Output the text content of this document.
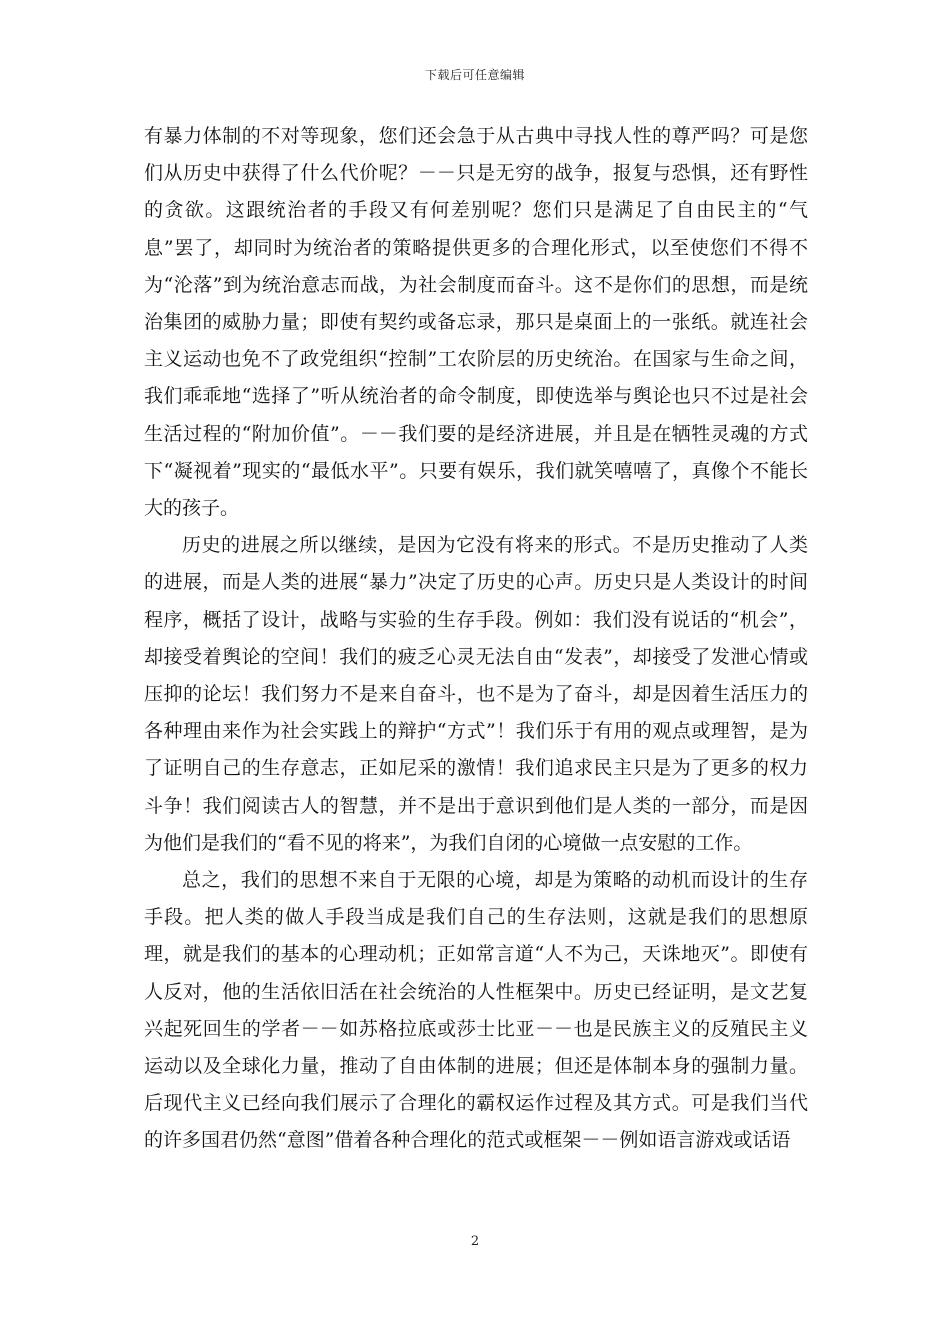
下载后可任意编辑

有暴力体制的不对等现象，您们还会急于从古典中寻找人性的尊严吗？可是您们从历史中获得了什么代价呢？－－只是无穷的战争，报复与恐惧，还有野性的贪欲。这跟统治者的手段又有何差别呢？您们只是满足了自由民主的“气息”罢了，却同时为统治者的策略提供更多的合理化形式，以至使您们不得不为“沦落”到为统治意志而战，为社会制度而奋斗。这不是你们的思想，而是统治集团的威胁力量；即使有契约或备忘录，那只是桌面上的一张纸。就连社会主义运动也免不了政党组织“控制”工农阶层的历史统治。在国家与生命之间，我们乖乖地“选择了”听从统治者的命令制度，即使选举与舆论也只不过是社会生活过程的“附加价值”。－－我们要的是经济进展，并且是在牺牲灵魂的方式下“凝视着”现实的“最低水平”。只要有娱乐，我们就笑嘻嘻了，真像个不能长大的孩子。

历史的进展之所以继续，是因为它没有将来的形式。不是历史推动了人类的进展，而是人类的进展“暴力”决定了历史的心声。历史只是人类设计的时间程序，概括了设计，战略与实验的生存手段。例如：我们没有说话的“机会”，却接受着舆论的空间！我们的疲乏心灵无法自由“发表”，却接受了发泄心情或压抑的论坛！我们努力不是来自奋斗，也不是为了奋斗，却是因着生活压力的各种理由来作为社会实践上的辩护“方式”！我们乐于有用的观点或理智，是为了证明自己的生存意志，正如尼采的激情！我们追求民主只是为了更多的权力斗争！我们阅读古人的智慧，并不是出于意识到他们是人类的一部分，而是因为他们是我们的“看不见的将来”，为我们自闭的心境做一点安慰的工作。

总之，我们的思想不来自于无限的心境，却是为策略的动机而设计的生存手段。把人类的做人手段当成是我们自己的生存法则，这就是我们的思想原理，就是我们的基本的心理动机；正如常言道“人不为己，天诛地灭”。即使有人反对，他的生活依旧活在社会统治的人性框架中。历史已经证明，是文艺复兴起死回生的学者－－如苏格拉底或莎士比亚－－也是民族主义的反殖民主义运动以及全球化力量，推动了自由体制的进展；但还是体制本身的强制力量。后现代主义已经向我们展示了合理化的霸权运作过程及其方式。可是我们当代的许多国君仍然“意图”借着各种合理化的范式或框架－－例如语言游戏或话语

2
